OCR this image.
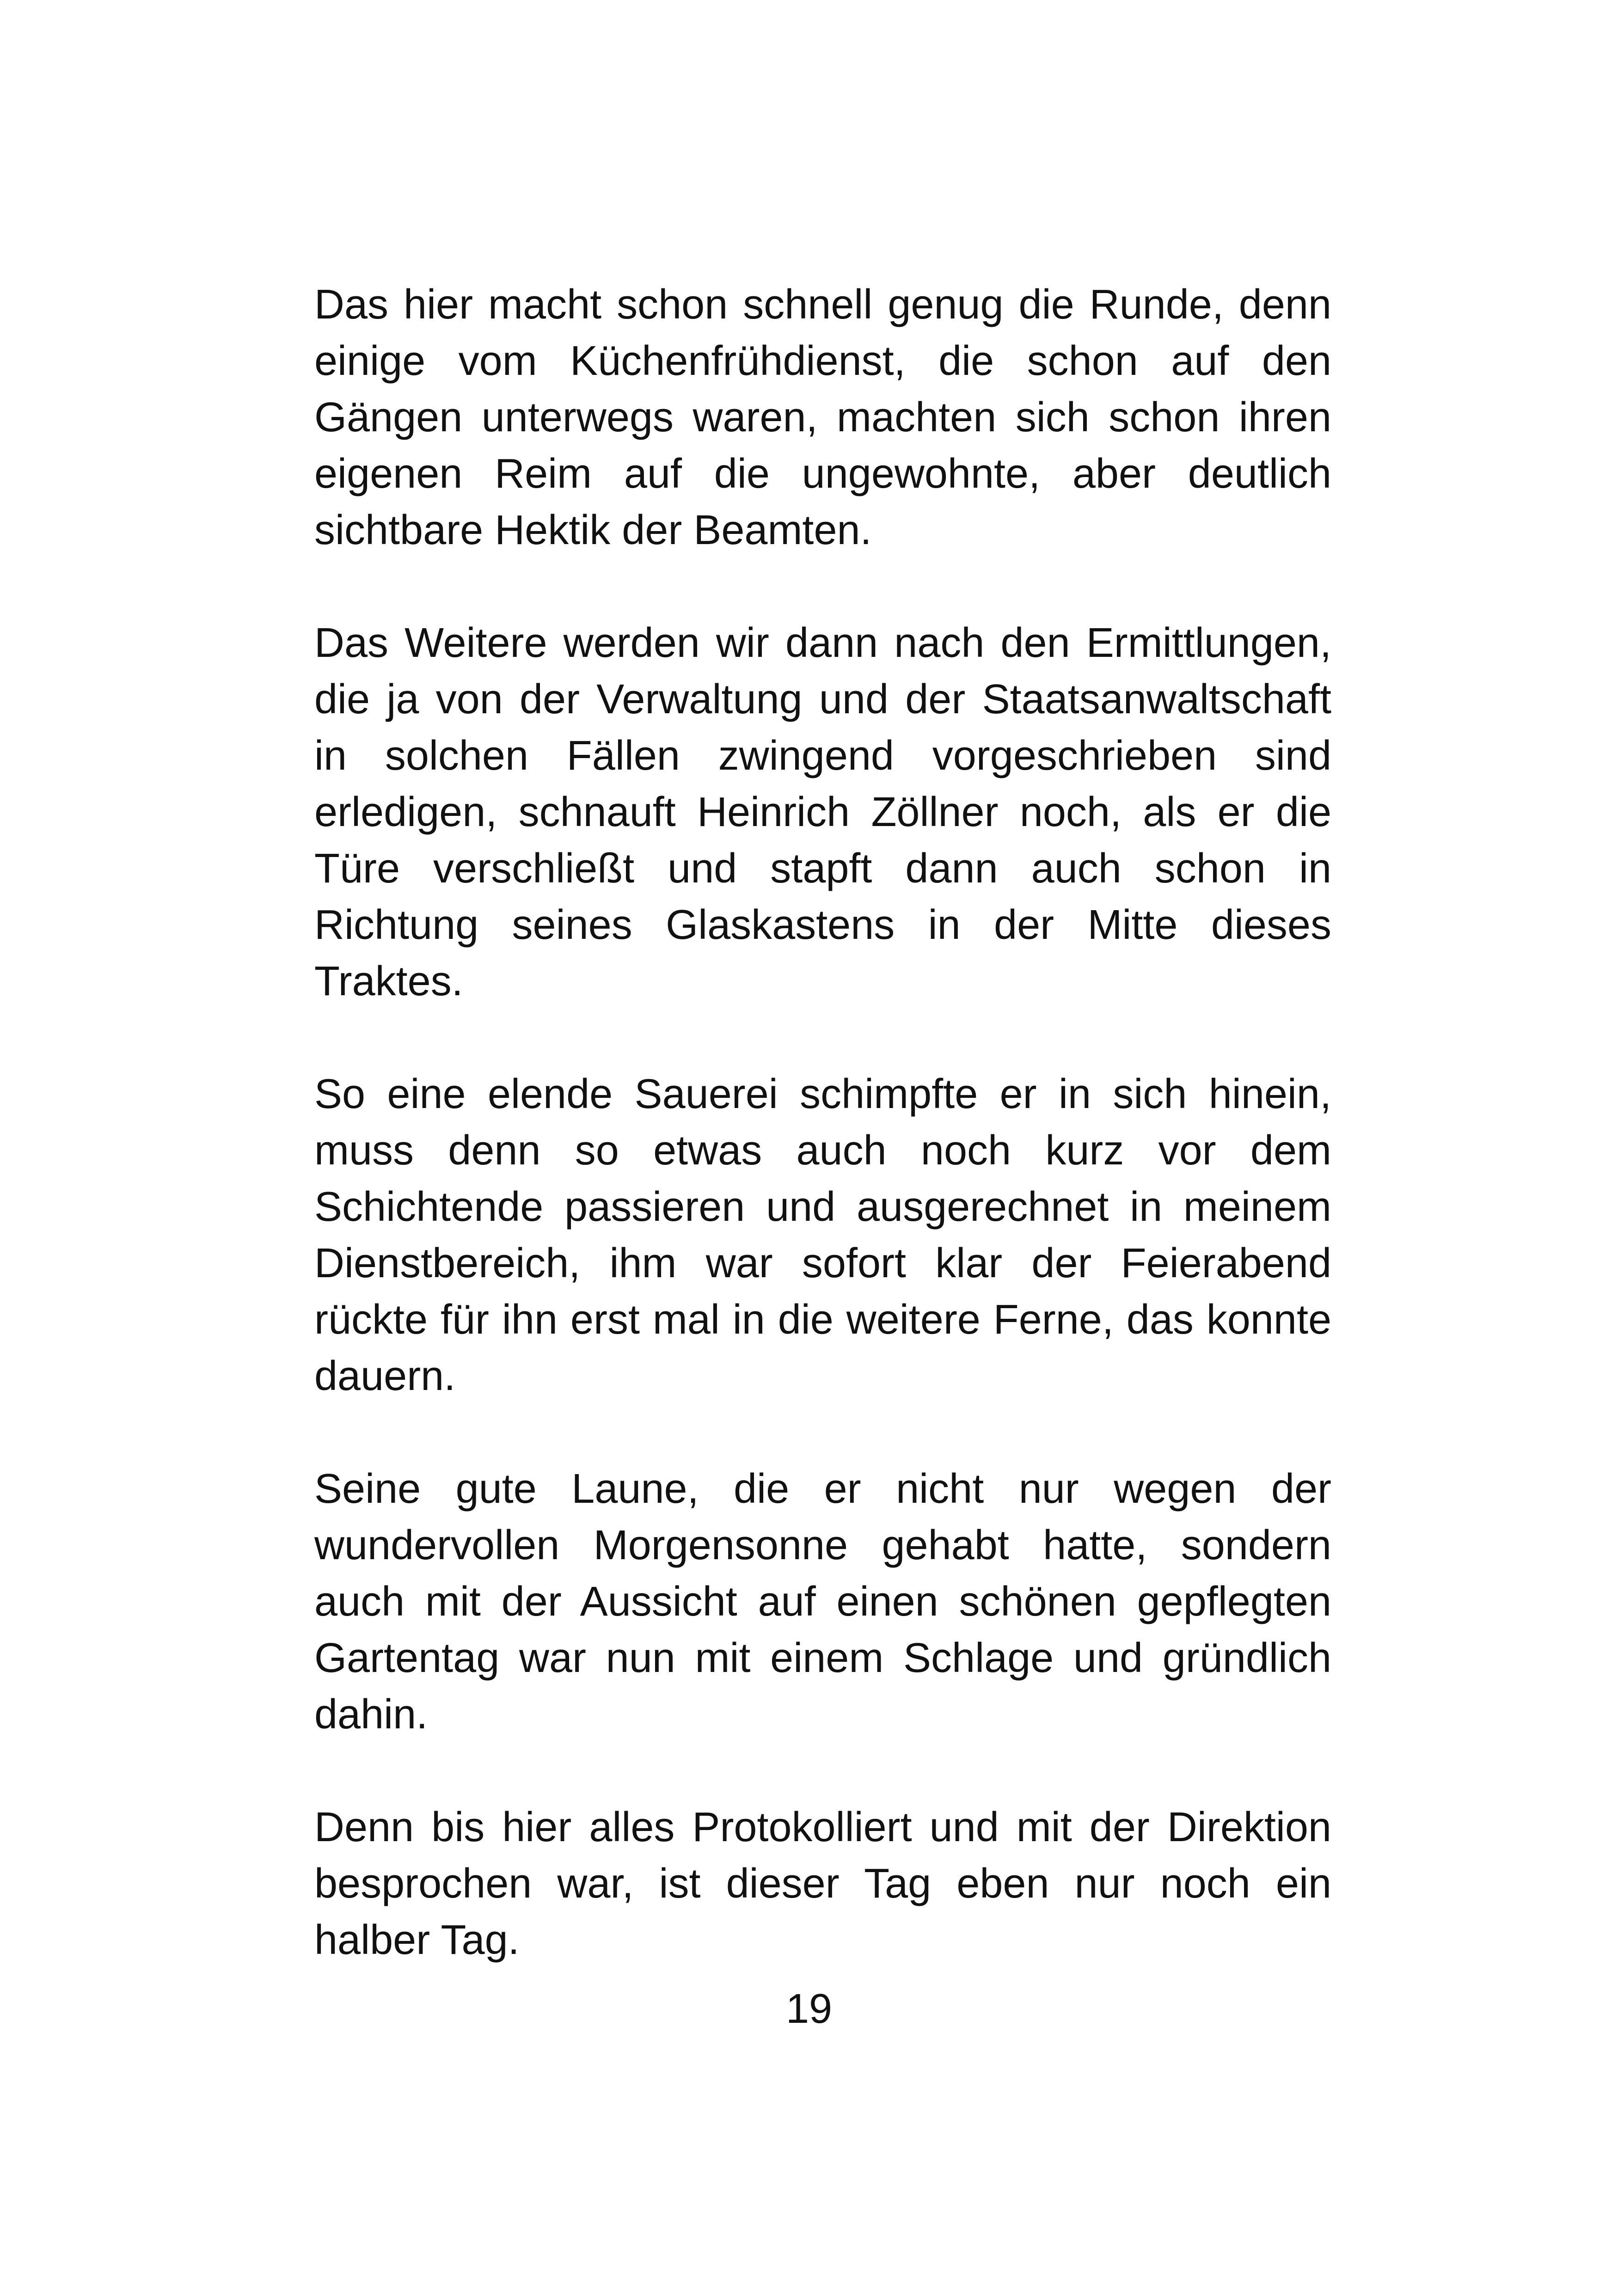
Das hier macht schon schnell genug die Runde, denn einige vom Küchenfrühdienst, die schon auf den Gängen unterwegs waren, machten sich schon ihren eigenen Reim auf die ungewohnte, aber deutlich sichtbare Hektik der Beamten.

Das Weitere werden wir dann nach den Ermittlungen, die ja von der Verwaltung und der Staatsanwaltschaft in solchen Fällen zwingend vorgeschrieben sind erledigen, schnauft Heinrich Zöllner noch, als er die Türe verschließt und stapft dann auch schon in Richtung seines Glaskastens in der Mitte dieses Traktes.

So eine elende Sauerei schimpfte er in sich hinein, muss denn so etwas auch noch kurz vor dem Schichtende passieren und ausgerechnet in meinem Dienstbereich, ihm war sofort klar der Feierabend rückte für ihn erst mal in die weitere Ferne, das konnte dauern.

Seine gute Laune, die er nicht nur wegen der wundervollen Morgensonne gehabt hatte, sondern auch mit der Aussicht auf einen schönen gepflegten Gartentag war nun mit einem Schlage und gründlich dahin.

Denn bis hier alles Protokolliert und mit der Direktion besprochen war, ist dieser Tag eben nur noch ein halber Tag.

19
